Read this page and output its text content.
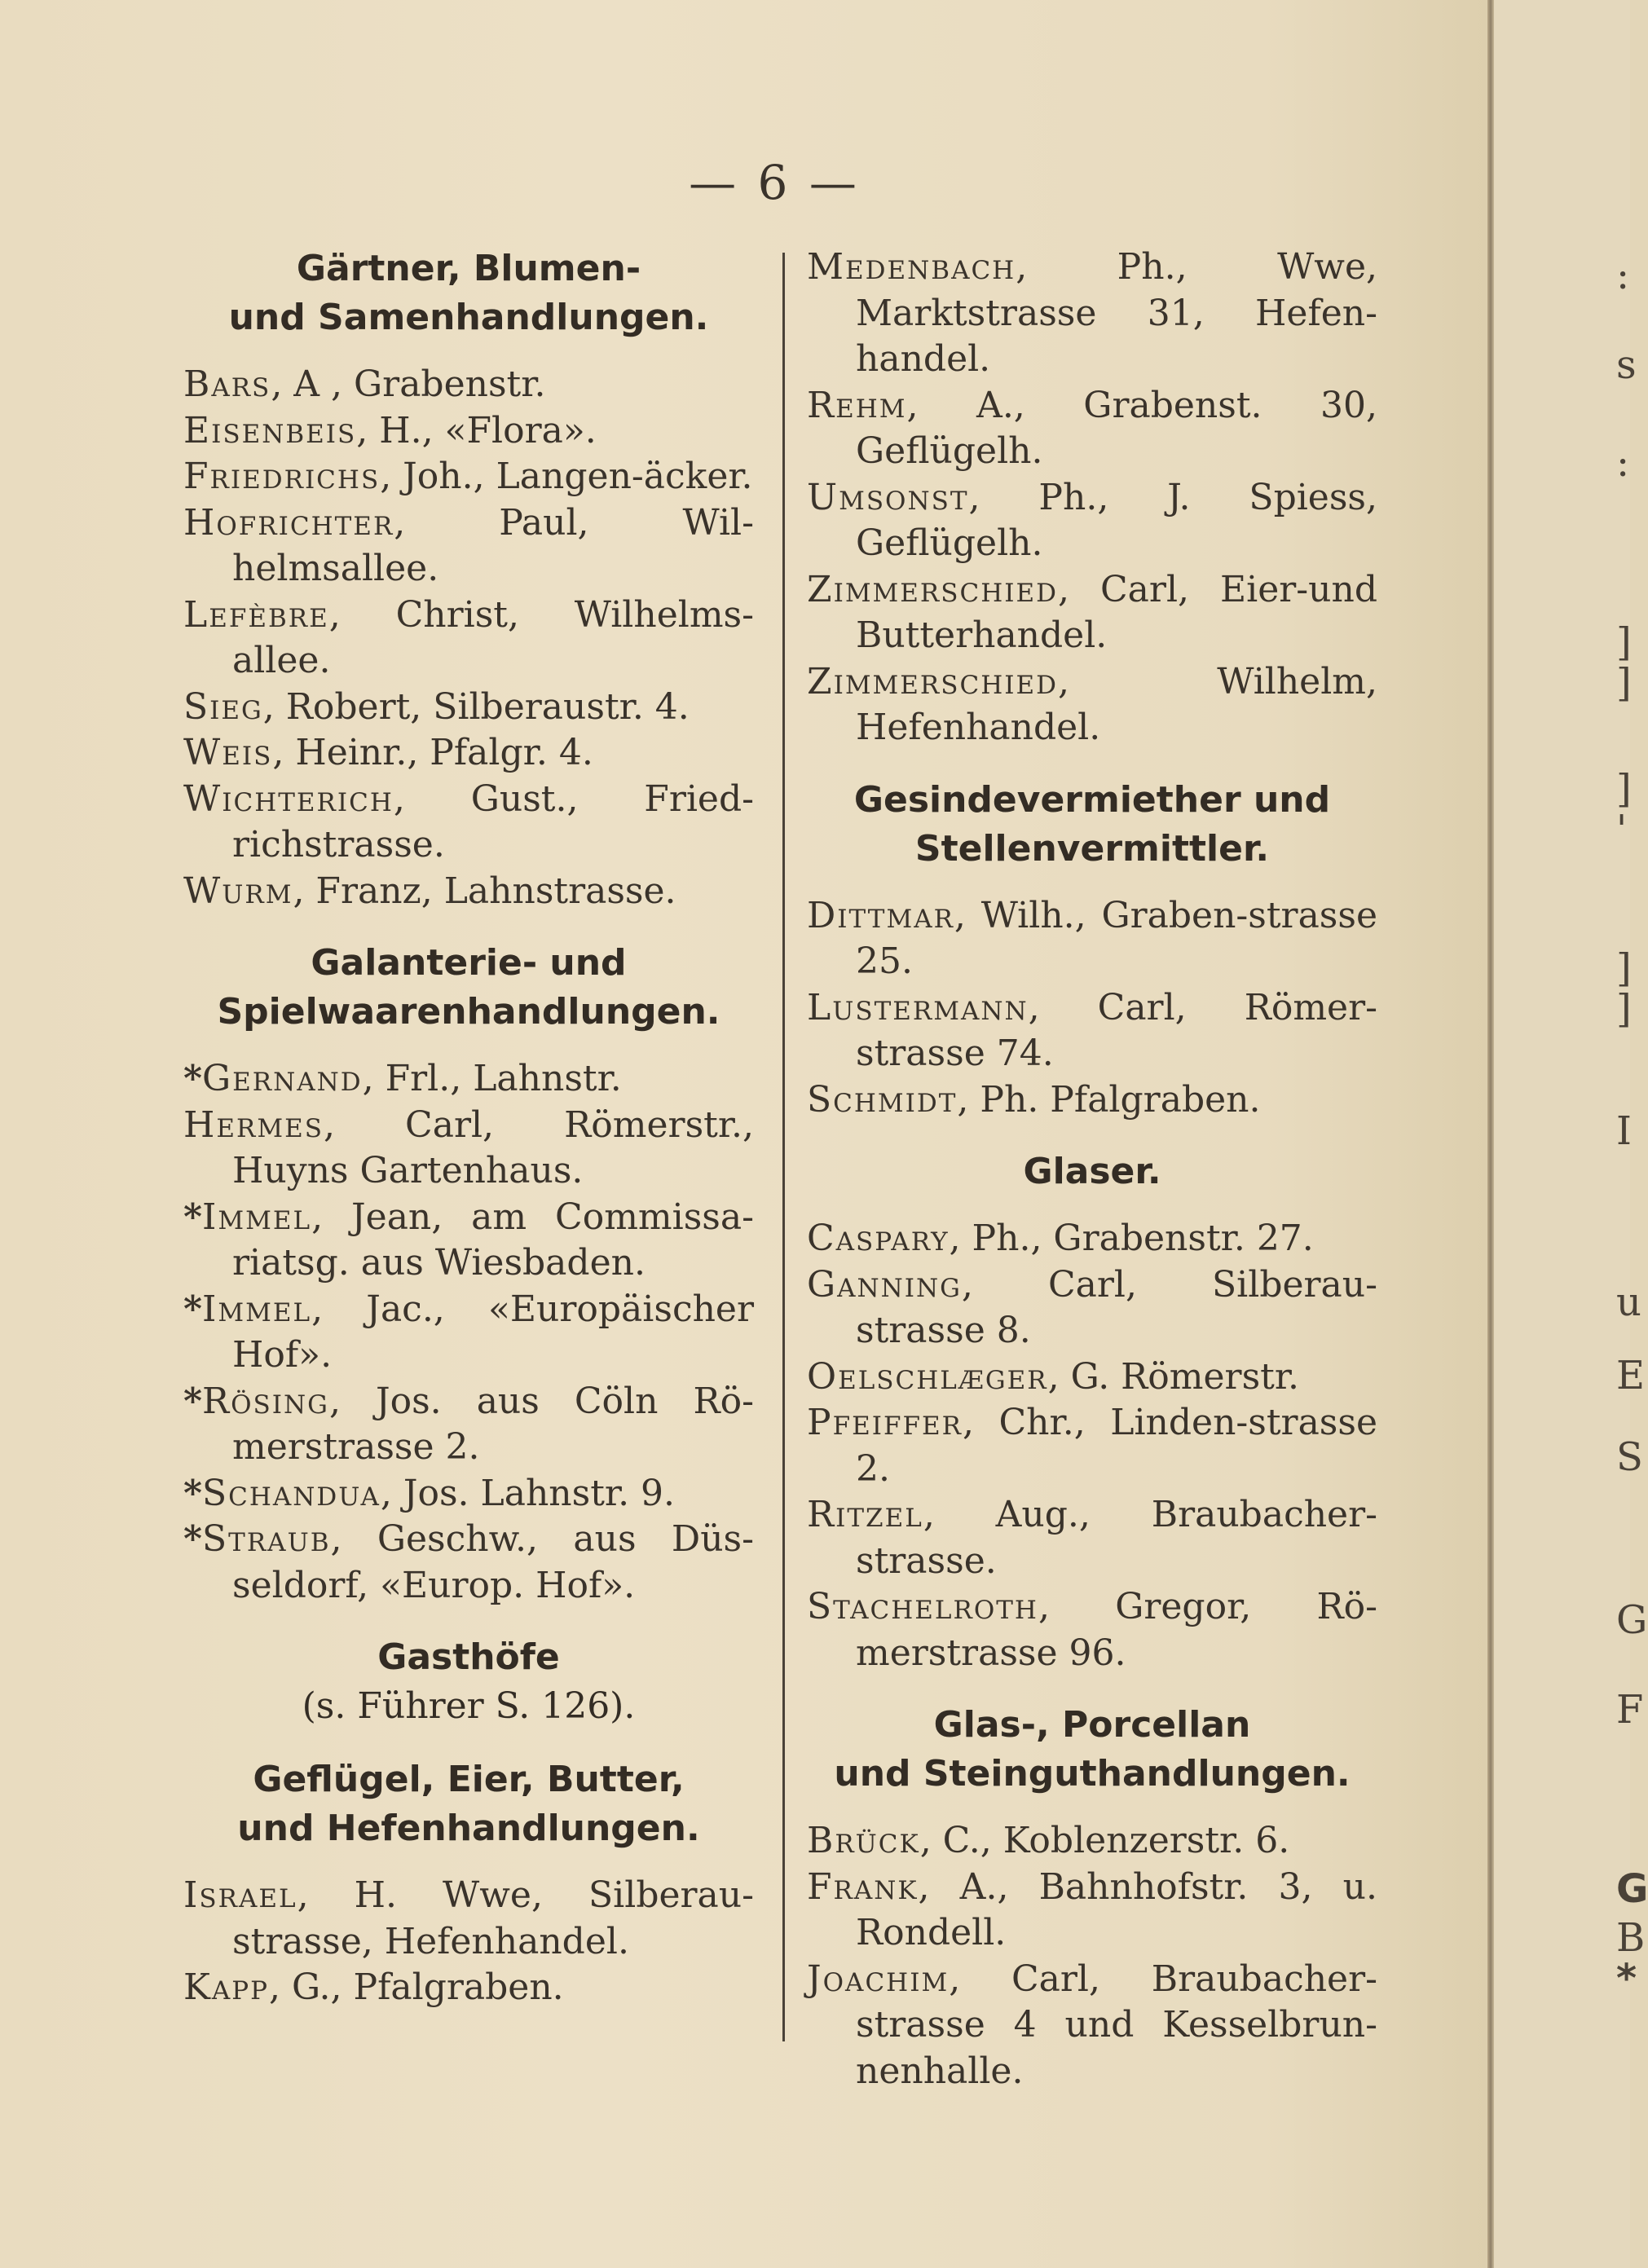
— 6 —
Gärtner, Blumen-
und Samenhandlungen.
Bars, A , Grabenstr.
Eisenbeis, H., «Flora».
Friedrichs, Joh., Langen-äcker.
Hofrichter, Paul, Wil-helmsallee.
Lefèbre, Christ, Wilhelms-allee.
Sieg, Robert, Silberaustr. 4.
Weis, Heinr., Pfalgr. 4.
Wichterich, Gust., Fried-richstrasse.
Wurm, Franz, Lahnstrasse.
Galanterie- und
Spielwaarenhandlungen.
*Gernand, Frl., Lahnstr.
Hermes, Carl, Römerstr., Huyns Gartenhaus.
*Immel, Jean, am Commissa-riatsg. aus Wiesbaden.
*Immel, Jac., «Europäischer Hof».
*Rösing, Jos. aus Cöln Rö-merstrasse 2.
*Schandua, Jos. Lahnstr. 9.
*Straub, Geschw., aus Düs-seldorf, «Europ. Hof».
Gasthöfe
(s. Führer S. 126).
Geflügel, Eier, Butter,
und Hefenhandlungen.
Israel, H. Wwe, Silberau-strasse, Hefenhandel.
Kapp, G., Pfalgraben.
Medenbach, Ph., Wwe, Marktstrasse 31, Hefen-handel.
Rehm, A., Grabenst. 30, Geflügelh.
Umsonst, Ph., J. Spiess, Geflügelh.
Zimmerschied, Carl, Eier-und Butterhandel.
Zimmerschied, Wilhelm, Hefenhandel.
Gesindevermiether und
Stellenvermittler.
Dittmar, Wilh., Graben-strasse 25.
Lustermann, Carl, Römer-strasse 74.
Schmidt, Ph. Pfalgraben.
Glaser.
Caspary, Ph., Grabenstr. 27.
Ganning, Carl, Silberau-strasse 8.
Oelschlæger, G. Römerstr.
Pfeiffer, Chr., Linden-strasse 2.
Ritzel, Aug., Braubacher-strasse.
Stachelroth, Gregor, Rö-merstrasse 96.
Glas-, Porcellan
und Steinguthandlungen.
Brück, C., Koblenzerstr. 6.
Frank, A., Bahnhofstr. 3, u. Rondell.
Joachim, Carl, Braubacher-strasse 4 und Kesselbrun-nenhalle.
:
s
:
]
]
]
'
]
]
I
u
E
S
G
F
G
B
*
